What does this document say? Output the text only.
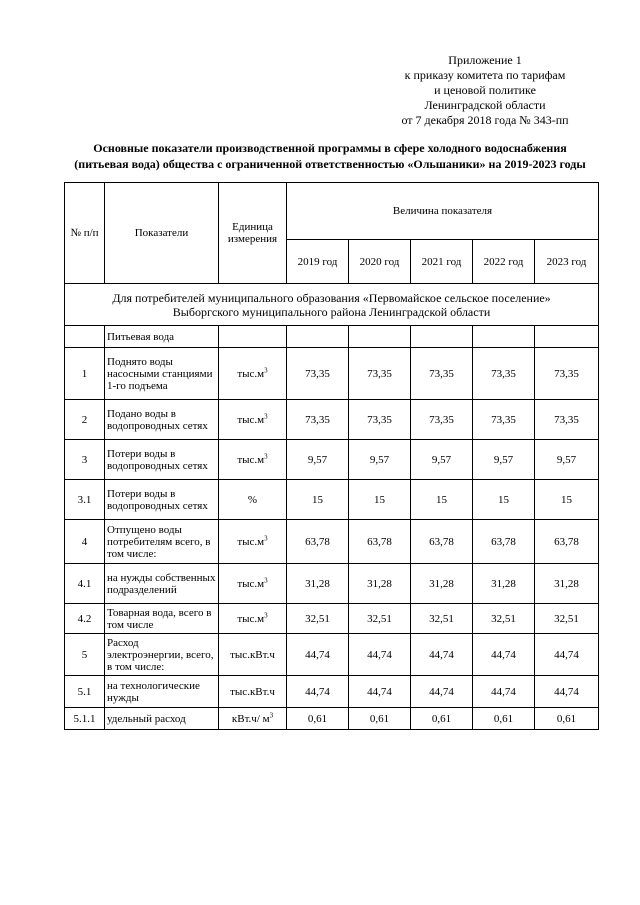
Приложение 1
к приказу комитета по тарифам
и ценовой политике
Ленинградской области
от 7 декабря 2018 года № 343-пп
Основные показатели производственной программы в сфере холодного водоснабжения
(питьевая вода) общества с ограниченной ответственностью «Ольшаники» на 2019-2023 годы
№ п/п	Показатели	Единица измерения	Величина показателя				
			2019 год	2020 год	2021 год	2022 год	2023 год

Для потребителей муниципального образования «Первомайское сельское поселение»
Выборгского муниципального района Ленинградской области							

	Питьевая вода						
1	Поднято воды насосными станциями 1-го подъема	$тыс.м^3$	73,35	73,35	73,35	73,35	73,35
2	Подано воды в водопроводных сетях	$тыс.м^3$	73,35	73,35	73,35	73,35	73,35
3	Потери воды в водопроводных сетях	$тыс.м^3$	9,57	9,57	9,57	9,57	9,57
3.1	Потери воды в водопроводных сетях	%	15	15	15	15	15
4	Отпущено воды потребителям всего, в том числе:	$тыс.м^3$	63,78	63,78	63,78	63,78	63,78
4.1	на нужды собственных подразделений	$тыс.м^3$	31,28	31,28	31,28	31,28	31,28
4.2	Товарная вода, всего в том числе	$тыс.м^3$	32,51	32,51	32,51	32,51	32,51
5	Расход электроэнергии, всего, в том числе:	тыс.кВт.ч	44,74	44,74	44,74	44,74	44,74
5.1	на технологические нужды	тыс.кВт.ч	44,74	44,74	44,74	44,74	44,74
5.1.1	удельный расход	кВт.ч/ $м^3$	0,61	0,61	0,61	0,61	0,61
